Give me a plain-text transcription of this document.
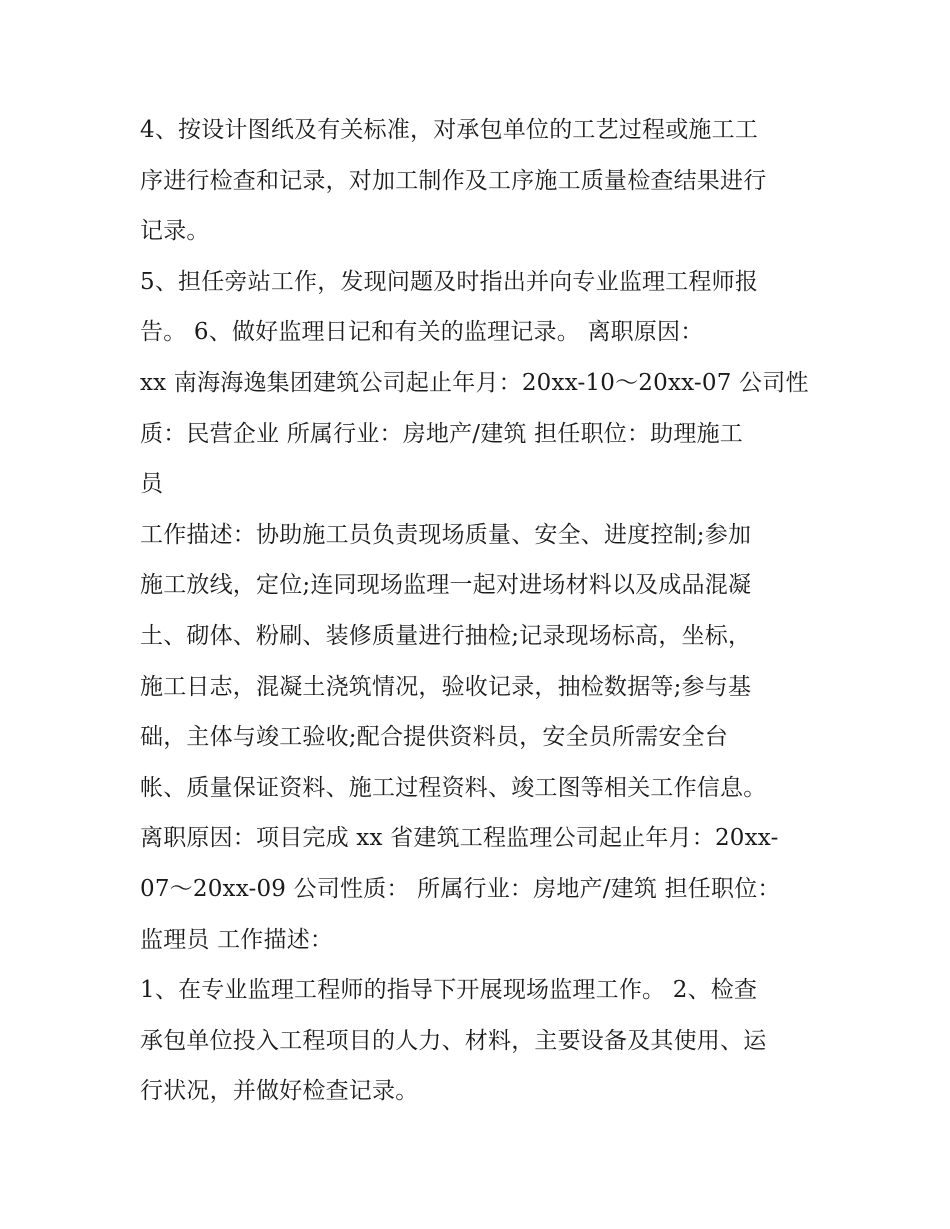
4、按设计图纸及有关标准，对承包单位的工艺过程或施工工
序进行检查和记录，对加工制作及工序施工质量检查结果进行
记录。
5、担任旁站工作，发现问题及时指出并向专业监理工程师报
告。 6、做好监理日记和有关的监理记录。 离职原因：
xx 南海海逸集团建筑公司起止年月：20xx-10～20xx-07 公司性
质：民营企业 所属行业：房地产/建筑 担任职位：助理施工
员
工作描述：协助施工员负责现场质量、安全、进度控制;参加
施工放线，定位;连同现场监理一起对进场材料以及成品混凝
土、砌体、粉刷、装修质量进行抽检;记录现场标高，坐标，
施工日志，混凝土浇筑情况，验收记录，抽检数据等;参与基
础，主体与竣工验收;配合提供资料员，安全员所需安全台
帐、质量保证资料、施工过程资料、竣工图等相关工作信息。
离职原因：项目完成 xx 省建筑工程监理公司起止年月：20xx-
07～20xx-09 公司性质： 所属行业：房地产/建筑 担任职位：
监理员 工作描述：
1、在专业监理工程师的指导下开展现场监理工作。 2、检查
承包单位投入工程项目的人力、材料，主要设备及其使用、运
行状况，并做好检查记录。
